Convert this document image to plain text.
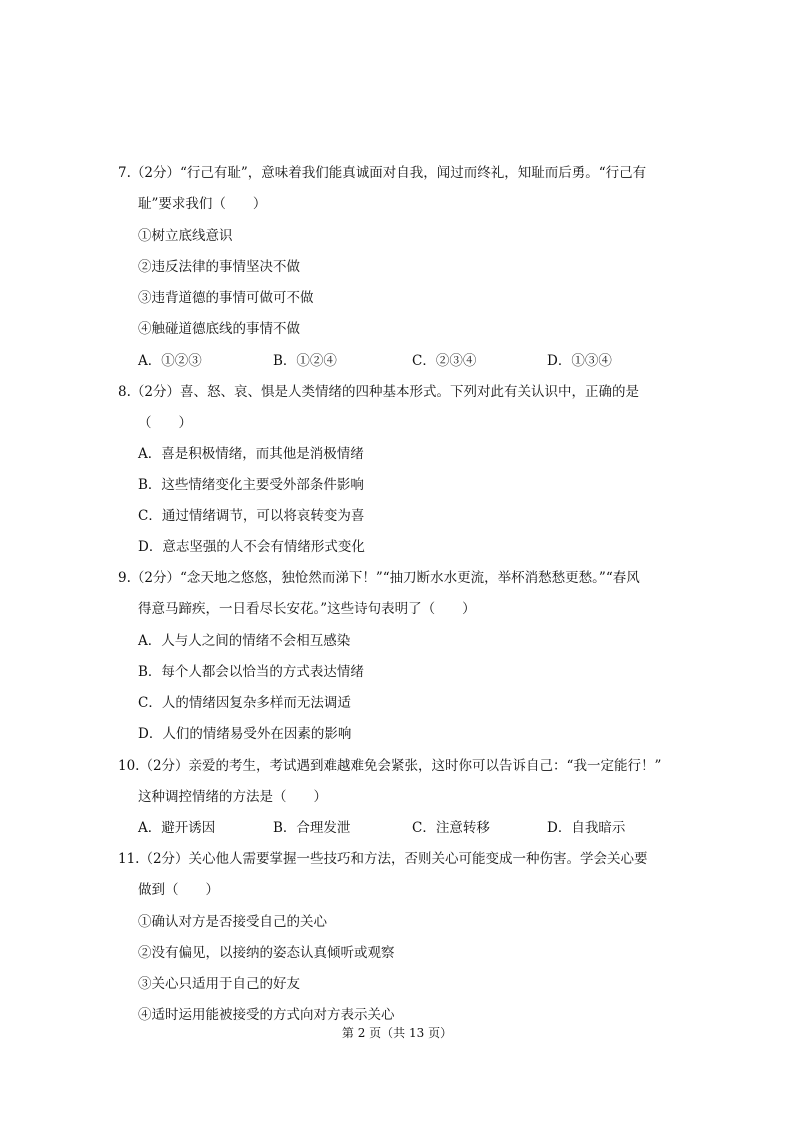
7.（2分）“行己有耻”，意味着我们能真诚面对自我，闻过而终礼，知耻而后勇。“行己有
耻”要求我们（　　）
①树立底线意识
②违反法律的事情坚决不做
③违背道德的事情可做可不做
④触碰道德底线的事情不做
A．①②③	B．①②④	C．②③④	D．①③④
8.（2分）喜、怒、哀、惧是人类情绪的四种基本形式。下列对此有关认识中，正确的是
（　　）
A．喜是积极情绪，而其他是消极情绪
B．这些情绪变化主要受外部条件影响
C．通过情绪调节，可以将哀转变为喜
D．意志坚强的人不会有情绪形式变化
9.（2分）“念天地之悠悠，独怆然而涕下！”“抽刀断水水更流，举杯消愁愁更愁。”“春风
得意马蹄疾，一日看尽长安花。”这些诗句表明了（　　）
A．人与人之间的情绪不会相互感染
B．每个人都会以恰当的方式表达情绪
C．人的情绪因复杂多样而无法调适
D．人们的情绪易受外在因素的影响
10.（2分）亲爱的考生，考试遇到难越难免会紧张，这时你可以告诉自己：“我一定能行！”
这种调控情绪的方法是（　　）
A．避开诱因	B．合理发泄	C．注意转移	D．自我暗示
11.（2分）关心他人需要掌握一些技巧和方法，否则关心可能变成一种伤害。学会关心要
做到（　　）
①确认对方是否接受自己的关心
②没有偏见，以接纳的姿态认真倾听或观察
③关心只适用于自己的好友
④适时运用能被接受的方式向对方表示关心
第 2 页（共 13 页）
